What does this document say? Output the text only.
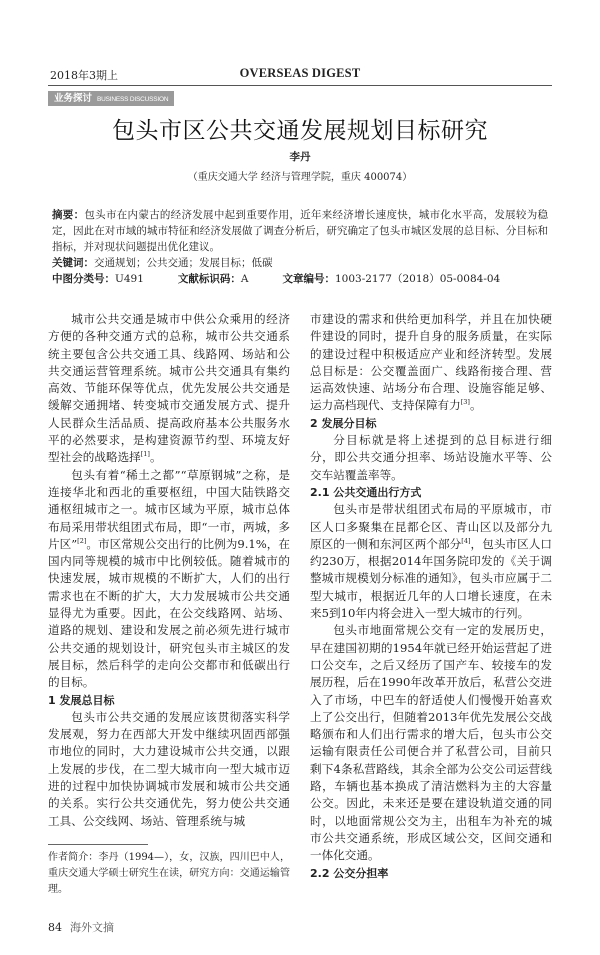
2018年3期上	OVERSEAS DIGEST
业务探讨 BUSINESS DISCUSSION
包头市区公共交通发展规划目标研究
李丹
（重庆交通大学 经济与管理学院，重庆 400074）
摘要：包头市在内蒙古的经济发展中起到重要作用，近年来经济增长速度快，城市化水平高，发展较为稳定，因此在对市域的城市特征和经济发展做了调查分析后，研究确定了包头市城区发展的总目标、分目标和指标，并对现状问题提出优化建议。
关键词：交通规划；公共交通；发展目标；低碳
中图分类号：U491	文献标识码：A	文章编号：1003-2177（2018）05-0084-04

城市公共交通是城市中供公众乘用的经济方便的各种交通方式的总称，城市公共交通系统主要包含公共交通工具、线路网、场站和公共交通运营管理系统。城市公共交通具有集约高效、节能环保等优点，优先发展公共交通是缓解交通拥堵、转变城市交通发展方式、提升人民群众生活品质、提高政府基本公共服务水平的必然要求，是构建资源节约型、环境友好型社会的战略选择[1]。

包头有着“稀土之都”“草原钢城”之称，是连接华北和西北的重要枢纽，中国大陆铁路交通枢纽城市之一。城市区域为平原，城市总体布局采用带状组团式布局，即“一市，两城，多片区”[2]。市区常规公交出行的比例为9.1%，在国内同等规模的城市中比例较低。随着城市的快速发展，城市规模的不断扩大，人们的出行需求也在不断的扩大，大力发展城市公共交通显得尤为重要。因此，在公交线路网、站场、道路的规划、建设和发展之前必须先进行城市公共交通的规划设计，研究包头市主城区的发展目标，然后科学的走向公交都市和低碳出行的目标。

1 发展总目标

包头市公共交通的发展应该贯彻落实科学发展观，努力在西部大开发中继续巩固西部强市地位的同时，大力建设城市公共交通，以跟上发展的步伐，在二型大城市向一型大城市迈进的过程中加快协调城市发展和城市公共交通的关系。实行公共交通优先，努力使公共交通工具、公交线网、场站、管理系统与城

作者简介：李丹（1994—），女，汉族，四川巴中人，重庆交通大学硕士研究生在读，研究方向：交通运输管理。
84 海外文摘

市建设的需求和供给更加科学，并且在加快硬件建设的同时，提升自身的服务质量，在实际的建设过程中积极适应产业和经济转型。发展总目标是：公交覆盖面广、线路衔接合理、营运高效快速、站场分布合理、设施容能足够、运力高档现代、支持保障有力[3]。

2 发展分目标

分目标就是将上述提到的总目标进行细分，即公共交通分担率、场站设施水平等、公交车站覆盖率等。

2.1 公共交通出行方式

包头市是带状组团式布局的平原城市，市区人口多聚集在昆都仑区、青山区以及部分九原区的一侧和东河区两个部分[4]，包头市区人口约230万，根据2014年国务院印发的《关于调整城市规模划分标准的通知》，包头市应属于二型大城市，根据近几年的人口增长速度，在未来5到10年内将会进入一型大城市的行列。

包头市地面常规公交有一定的发展历史，早在建国初期的1954年就已经开始运营起了进口公交车，之后又经历了国产车、较接车的发展历程，后在1990年改革开放后，私营公交进入了市场，中巴车的舒适使人们慢慢开始喜欢上了公交出行，但随着2013年优先发展公交战略颁布和人们出行需求的增大后，包头市公交运输有限责任公司便合并了私营公司，目前只剩下4条私营路线，其余全部为公交公司运营线路，车辆也基本换成了清洁燃料为主的大容量公交。因此，未来还是要在建设轨道交通的同时，以地面常规公交为主，出租车为补充的城市公共交通系统，形成区域公交，区间交通和一体化交通。

2.2 公交分担率
